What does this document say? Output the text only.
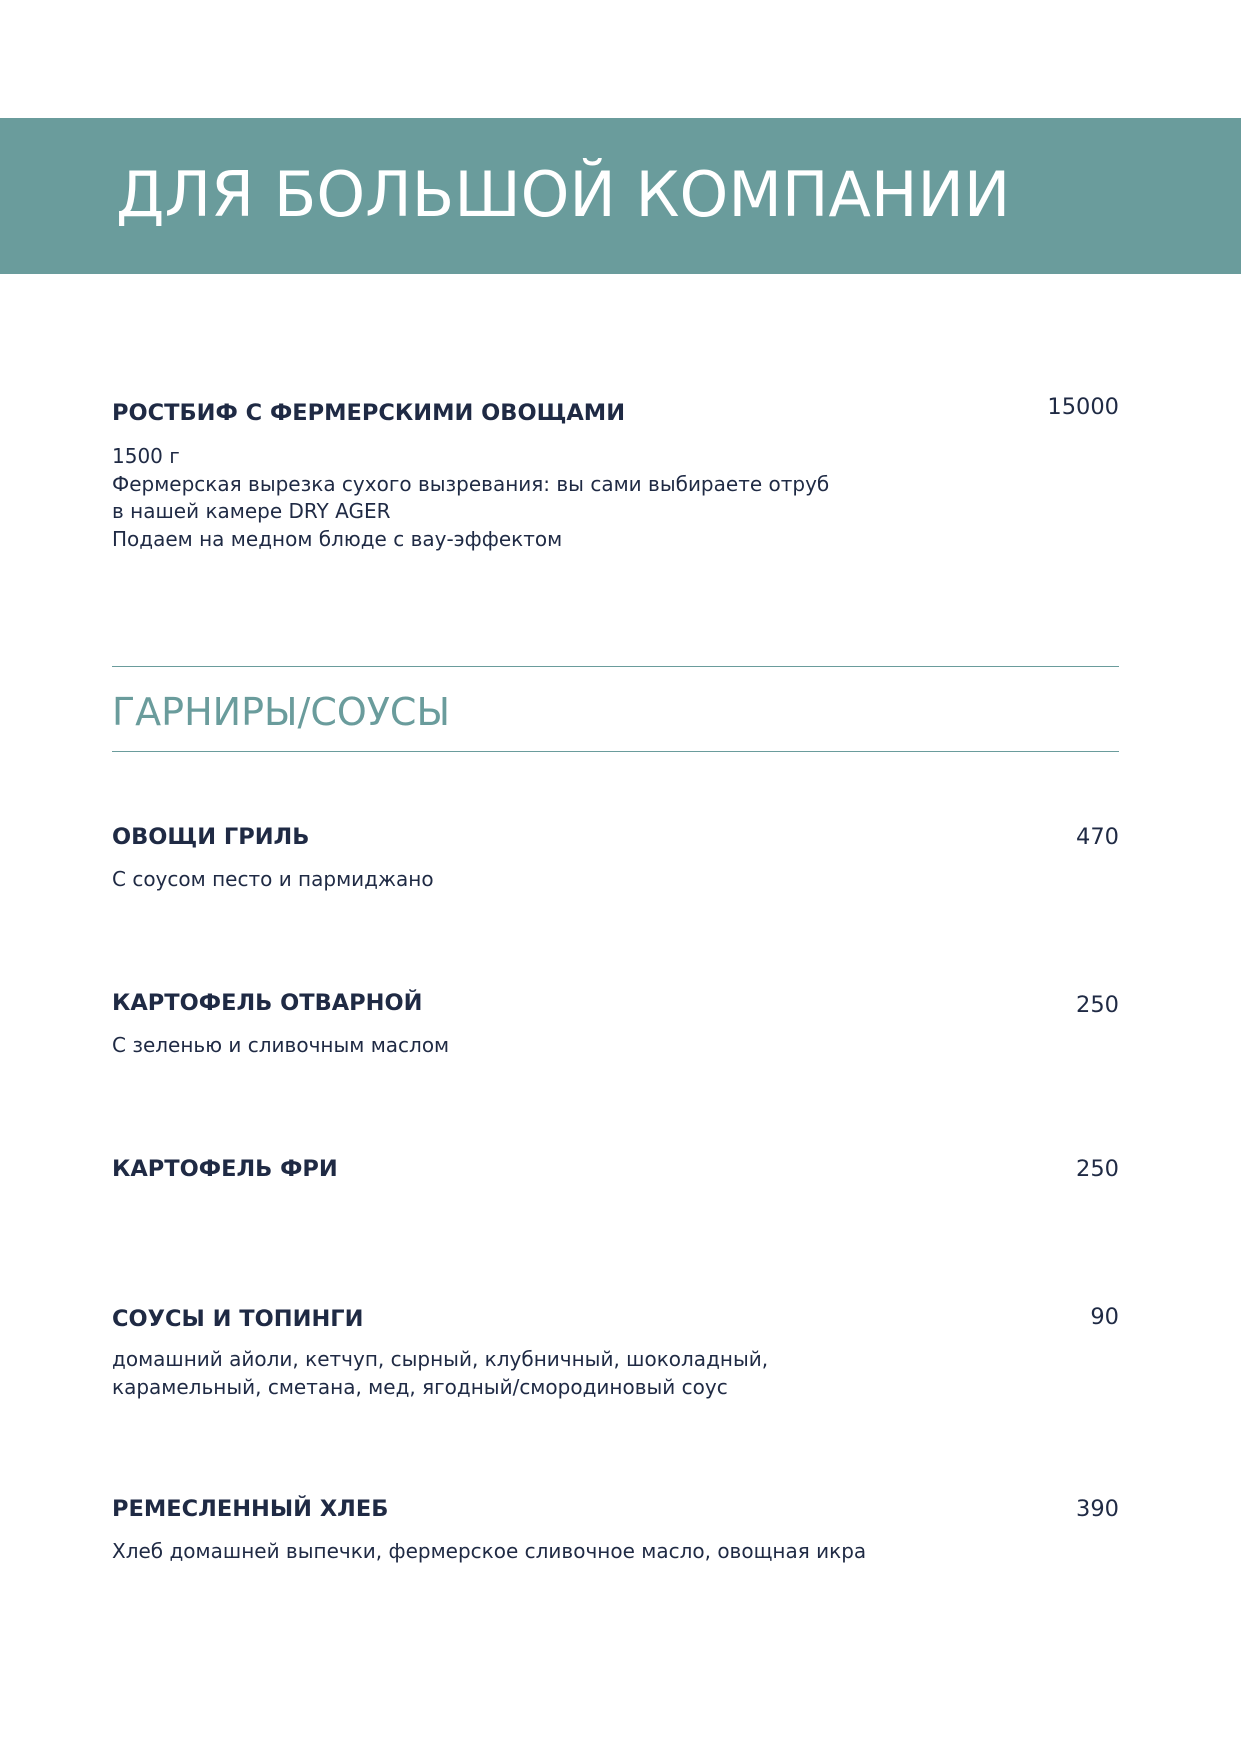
ДЛЯ БОЛЬШОЙ КОМПАНИИ
РОСТБИФ С ФЕРМЕРСКИМИ ОВОЩАМИ	15000

1500 г

Фермерская вырезка сухого вызревания: вы сами выбираете отруб

в нашей камере DRY AGER

Подаем на медном блюде с вау-эффектом

ГАРНИРЫ/СОУСЫ
ОВОЩИ ГРИЛЬ	470

С соусом песто и пармиджано

КАРТОФЕЛЬ ОТВАРНОЙ	250

С зеленью и сливочным маслом

КАРТОФЕЛЬ ФРИ	250
СОУСЫ И ТОПИНГИ	90

домашний айоли, кетчуп, сырный, клубничный, шоколадный,

карамельный, сметана, мед, ягодный/смородиновый соус

РЕМЕСЛЕННЫЙ ХЛЕБ	390

Хлеб домашней выпечки, фермерское сливочное масло, овощная икра
